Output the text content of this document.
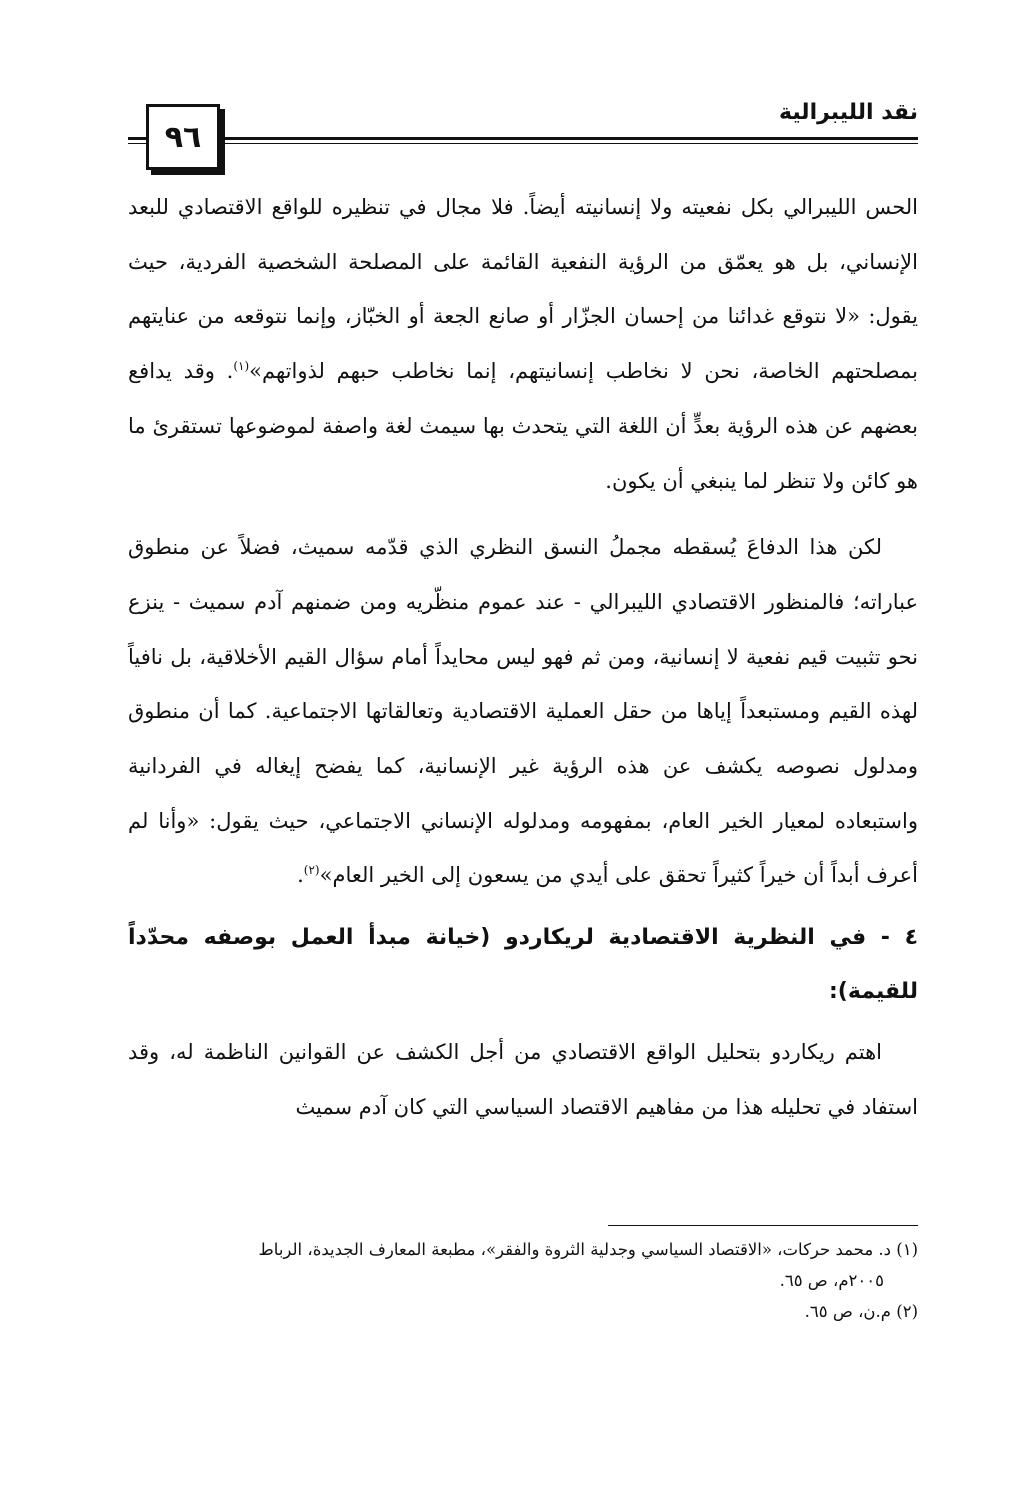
نقد الليبرالية
٩٦

الحس الليبرالي بكل نفعيته ولا إنسانيته أيضاً. فلا مجال في تنظيره للواقع الاقتصادي للبعد الإنساني، بل هو يعمّق من الرؤية النفعية القائمة على المصلحة الشخصية الفردية، حيث يقول: «لا نتوقع غدائنا من إحسان الجزّار أو صانع الجعة أو الخبّاز، وإنما نتوقعه من عنايتهم بمصلحتهم الخاصة، نحن لا نخاطب إنسانيتهم، إنما نخاطب حبهم لذواتهم»$^{(١)}$. وقد يدافع بعضهم عن هذه الرؤية بعدٍّ أن اللغة التي يتحدث بها سيمث لغة واصفة لموضوعها تستقرئ ما هو كائن ولا تنظر لما ينبغي أن يكون.

لكن هذا الدفاعَ يُسقطه مجملُ النسق النظري الذي قدّمه سميث، فضلاً عن منطوق عباراته؛ فالمنظور الاقتصادي الليبرالي - عند عموم منظّريه ومن ضمنهم آدم سميث - ينزع نحو تثبيت قيم نفعية لا إنسانية، ومن ثم فهو ليس محايداً أمام سؤال القيم الأخلاقية، بل نافياً لهذه القيم ومستبعداً إياها من حقل العملية الاقتصادية وتعالقاتها الاجتماعية. كما أن منطوق ومدلول نصوصه يكشف عن هذه الرؤية غير الإنسانية، كما يفضح إيغاله في الفردانية واستبعاده لمعيار الخير العام، بمفهومه ومدلوله الإنساني الاجتماعي، حيث يقول: «وأنا لم أعرف أبداً أن خيراً كثيراً تحقق على أيدي من يسعون إلى الخير العام»$^{(٢)}$.

٤ - في النظرية الاقتصادية لريكاردو (خيانة مبدأ العمل بوصفه محدّداً للقيمة):

اهتم ريكاردو بتحليل الواقع الاقتصادي من أجل الكشف عن القوانين الناظمة له، وقد استفاد في تحليله هذا من مفاهيم الاقتصاد السياسي التي كان آدم سميث

(١) د. محمد حركات، «الاقتصاد السياسي وجدلية الثروة والفقر»، مطبعة المعارف الجديدة، الرباط
٢٠٠٥م، ص ٦٥.

(٢) م.ن، ص ٦٥.
